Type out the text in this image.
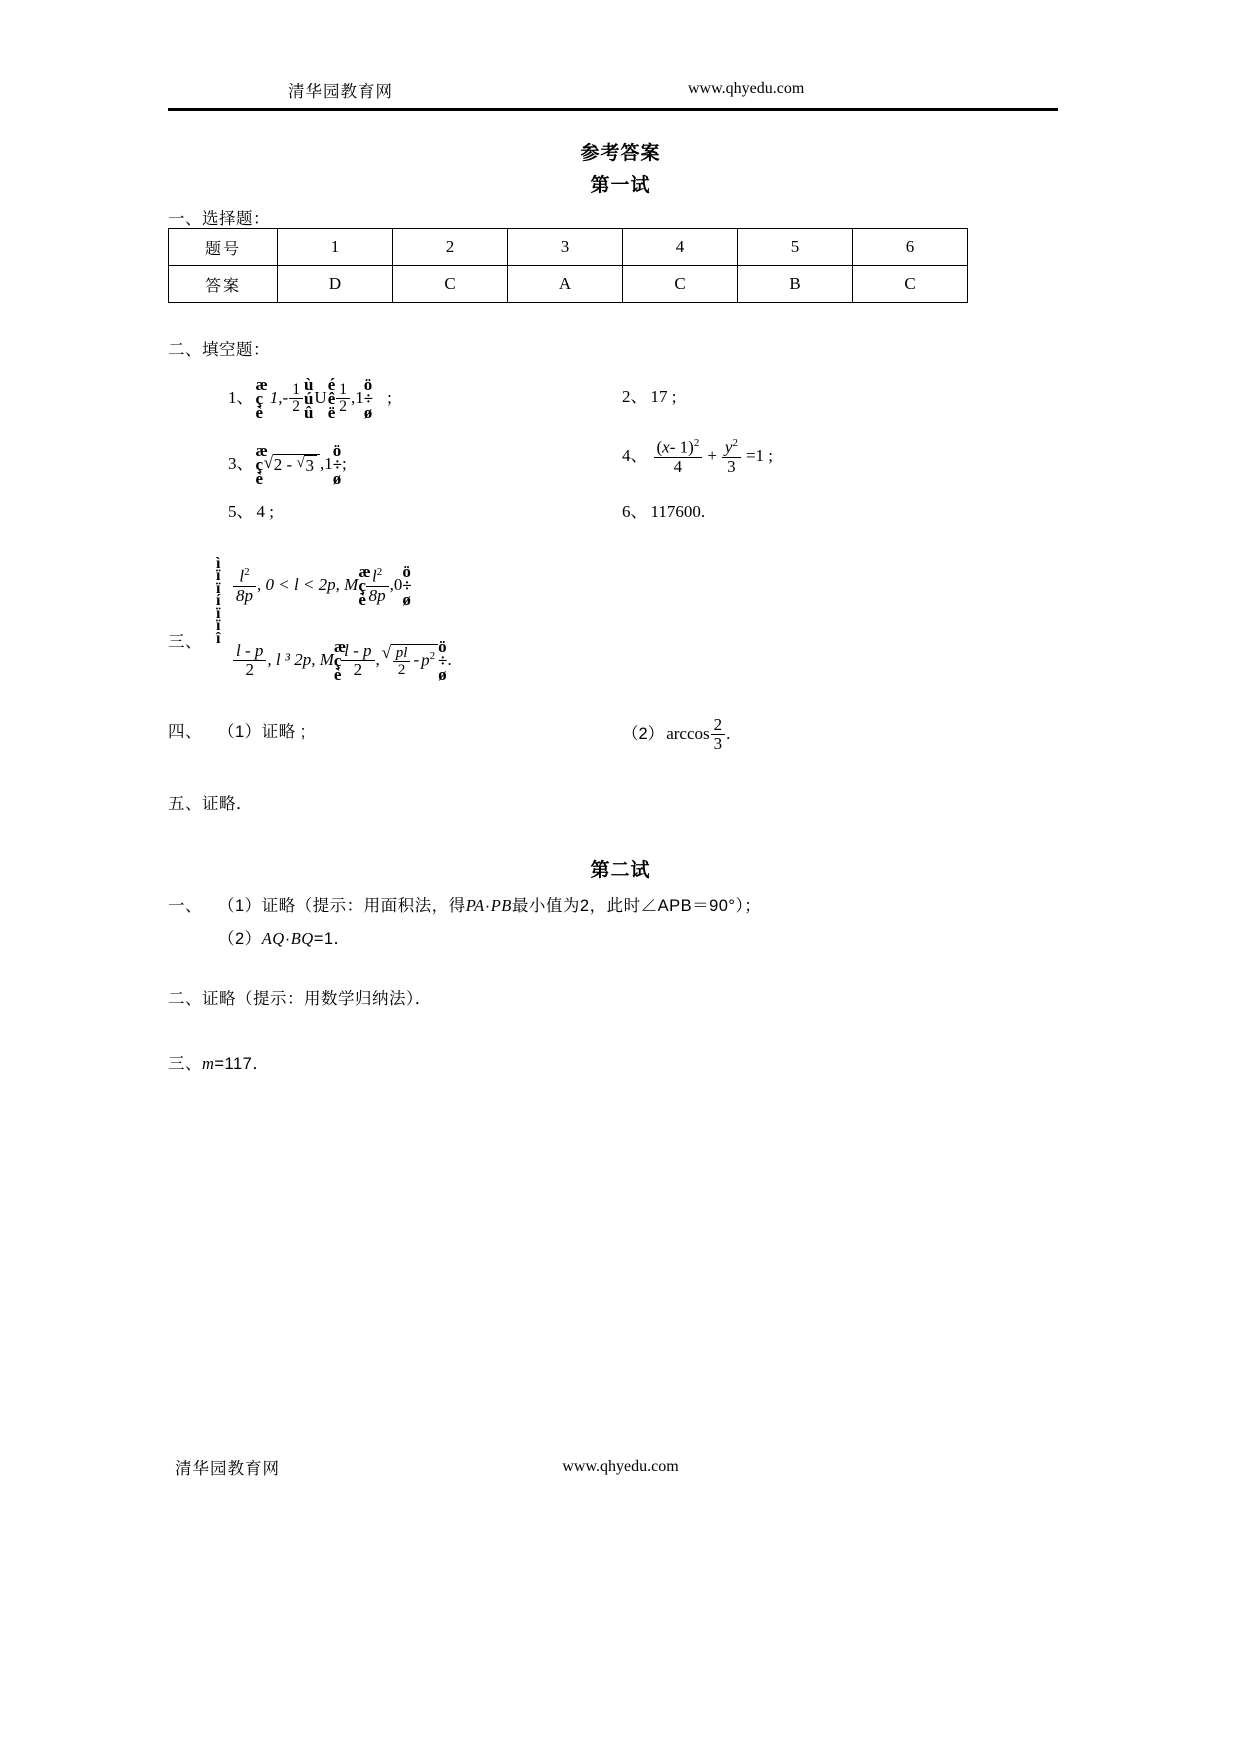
清华园教育网	www.qhyedu.com
参考答案
第一试
一、选择题：
题号	1	2	3	4	5	6
答案	D	C	A	C	B	C
二、填空题：
1、
æ
ç
è
$1,- \frac{1}{2}$ ù
ú
û
U
é
ê
ë $\frac{1}{2} ,1$
ö
÷
ø
;	2、 17 ;
3、
æ
ç
è
√ 2 - √ 3 ,1
ö
÷
ø
;	4、 $\frac{(x- 1)^2}{4} + \frac{y^2}{3} =1$ ;
5、 4 ;	6、 117600.
三、
ì
ï
ï
í
ï
ï
î
$\frac{l^2}{8p}$ , 0 < l < 2p, M
æ
ç
è $\frac{l^2}{8p} ,0$
ö
÷
ø
$\frac{l - p}{2}$ , l ³ 2p, M
æ
ç
è $\frac{l - p}{2}$ , √ $\frac{pl}{2} - p^2$ ö
÷
ø
.
四、 （1）证略 ;	（2） $\arccos \frac{2}{3}$ .
五、证略．
第二试
一、 （1）证略（提示：用面积法，得PA·PB最小值为2，此时∠APB＝90°）；
（2）AQ·BQ=1．
二、证略（提示：用数学归纳法）．
三、m=117．
清华园教育网	www.qhyedu.com
